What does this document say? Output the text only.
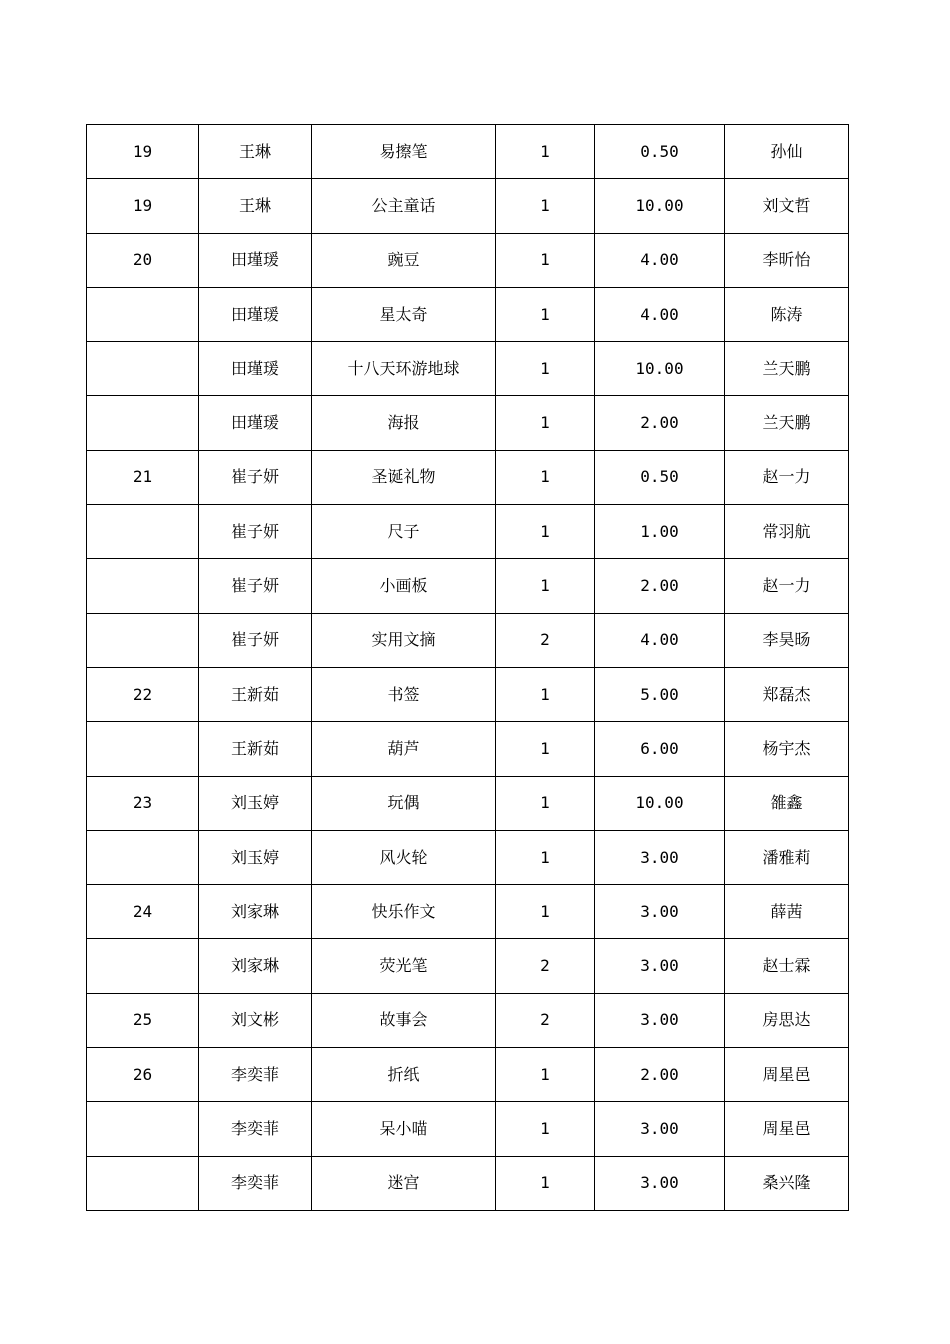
19	王琳	易擦笔	1	0.50	孙仙
19	王琳	公主童话	1	10.00	刘文哲
20	田瑾瑗	豌豆	1	4.00	李昕怡
	田瑾瑗	星太奇	1	4.00	陈涛
	田瑾瑗	十八天环游地球	1	10.00	兰天鹏
	田瑾瑗	海报	1	2.00	兰天鹏
21	崔子妍	圣诞礼物	1	0.50	赵一力
	崔子妍	尺子	1	1.00	常羽航
	崔子妍	小画板	1	2.00	赵一力
	崔子妍	实用文摘	2	4.00	李昊旸
22	王新茹	书签	1	5.00	郑磊杰
	王新茹	葫芦	1	6.00	杨宇杰
23	刘玉婷	玩偶	1	10.00	雒鑫
	刘玉婷	风火轮	1	3.00	潘雅莉
24	刘家琳	快乐作文	1	3.00	薛茜
	刘家琳	荧光笔	2	3.00	赵士霖
25	刘文彬	故事会	2	3.00	房思达
26	李奕菲	折纸	1	2.00	周星邑
	李奕菲	呆小喵	1	3.00	周星邑
	李奕菲	迷宫	1	3.00	桑兴隆
